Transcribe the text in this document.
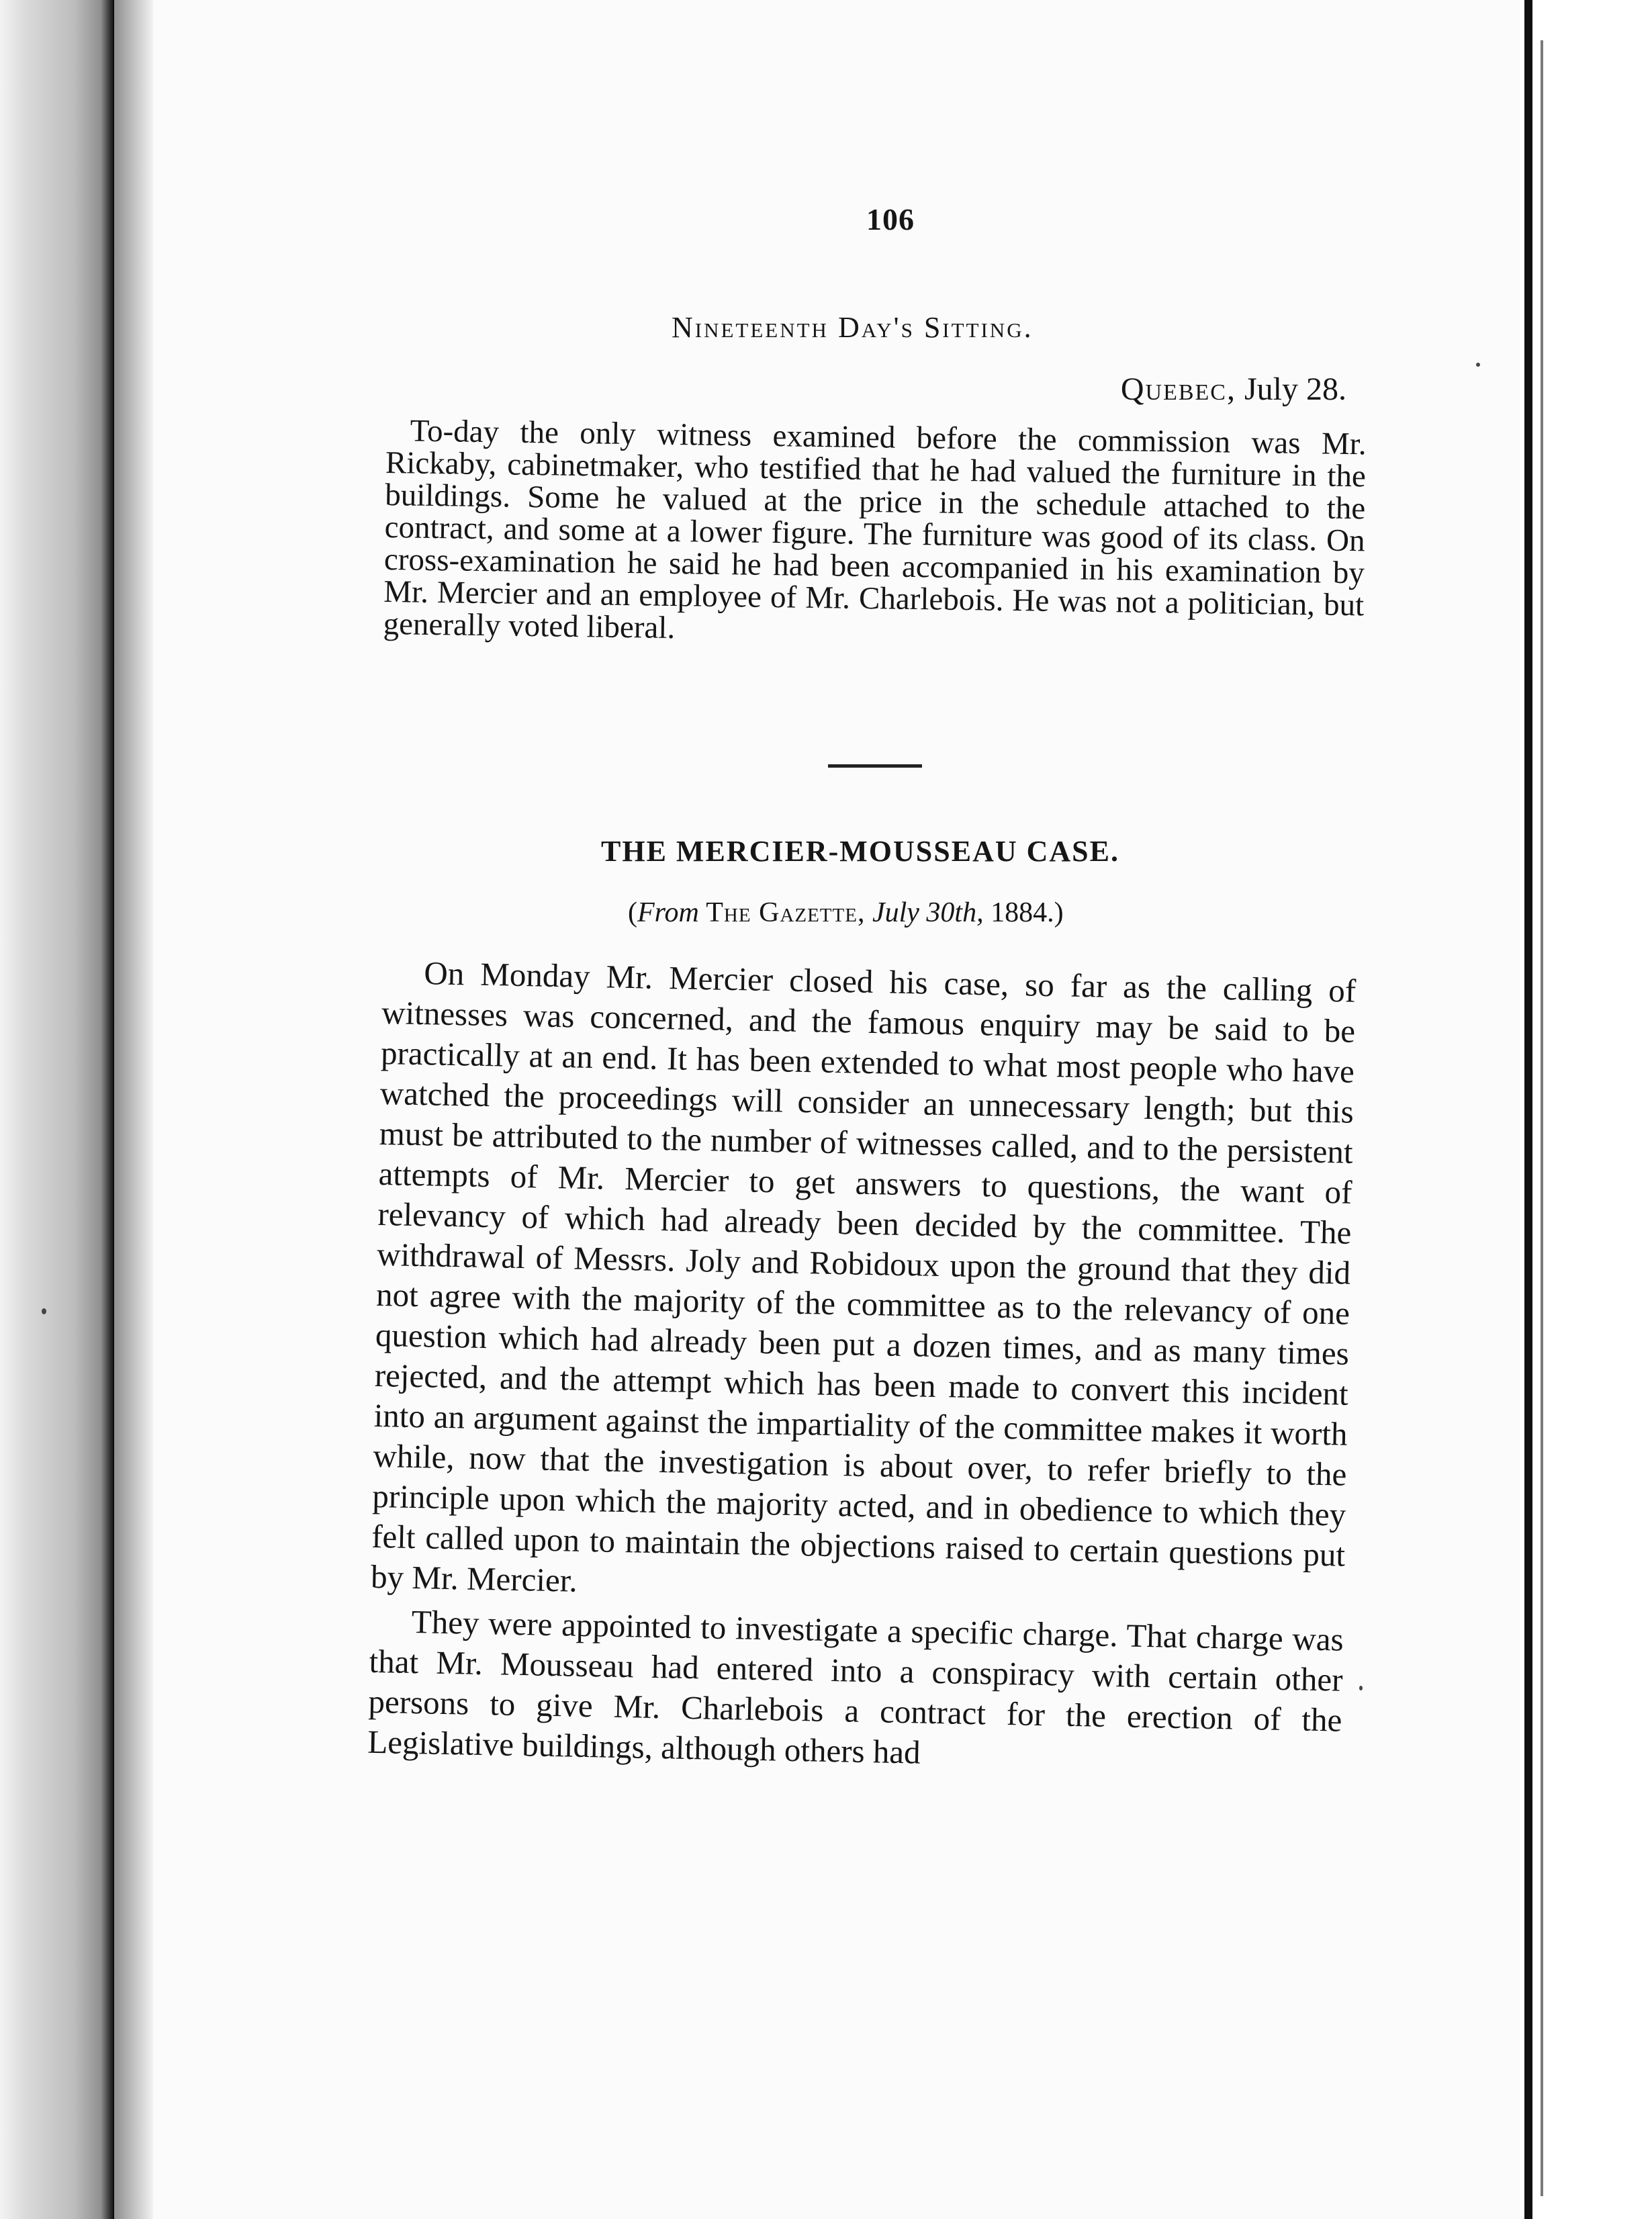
106
Nineteenth Day's Sitting.
Quebec, July 28.
To-day the only witness examined before the commission was Mr. Rickaby, cabinetmaker, who testified that he had valued the furniture in the buildings. Some he valued at the price in the schedule attached to the contract, and some at a lower figure. The furniture was good of its class. On cross-examination he said he had been accompanied in his examination by Mr. Mercier and an employee of Mr. Charlebois. He was not a politician, but generally voted liberal.
THE MERCIER-MOUSSEAU CASE.
(From The Gazette, July 30th, 1884.)

On Monday Mr. Mercier closed his case, so far as the calling of witnesses was concerned, and the famous enquiry may be said to be practically at an end. It has been extended to what most people who have watched the proceedings will consider an unnecessary length; but this must be attributed to the number of witnesses called, and to the persistent attempts of Mr. Mercier to get answers to questions, the want of relevancy of which had already been decided by the committee. The withdrawal of Messrs. Joly and Robidoux upon the ground that they did not agree with the majority of the committee as to the relevancy of one question which had already been put a dozen times, and as many times rejected, and the attempt which has been made to convert this incident into an argument against the impartiality of the committee makes it worth while, now that the investigation is about over, to refer briefly to the principle upon which the majority acted, and in obedience to which they felt called upon to maintain the objections raised to certain questions put by Mr. Mercier.

They were appointed to investigate a specific charge. That charge was that Mr. Mousseau had entered into a conspiracy with certain other persons to give Mr. Charlebois a contract for the erection of the Legislative buildings, although others had
